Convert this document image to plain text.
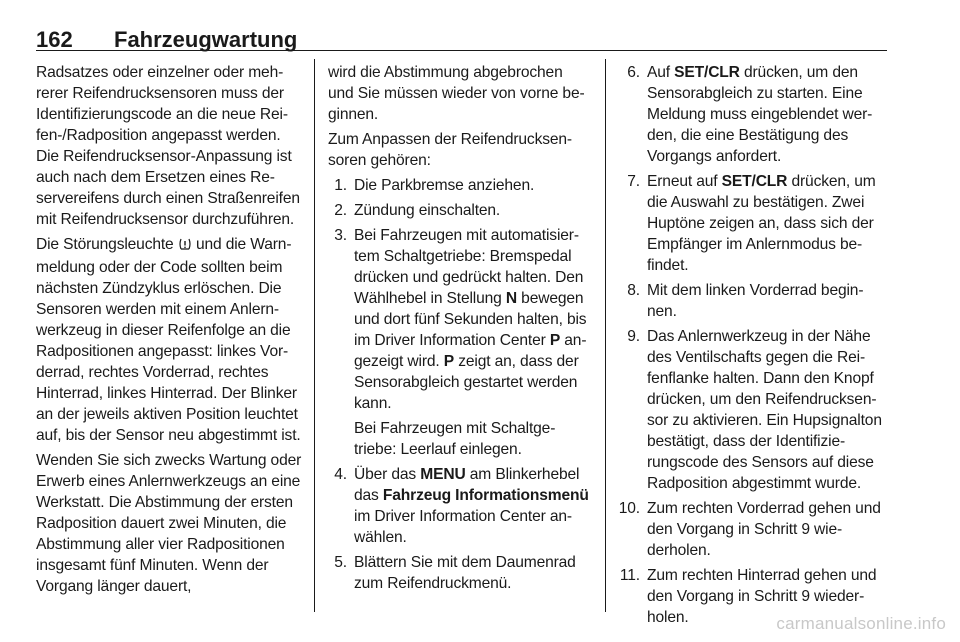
162 Fahrzeugwartung

Radsatzes oder einzelner oder mehrerer Reifendrucksensoren muss der Identifizierungscode an die neue Reifen-/Radposition angepasst werden. Die Reifendrucksensor-Anpassung ist auch nach dem Ersetzen eines Reservereifens durch einen Straßenreifen mit Reifendrucksensor durchzuführen.

Die Störungsleuchte  und die Warnmeldung oder der Code sollten beim nächsten Zündzyklus erlöschen. Die Sensoren werden mit einem Anlernwerkzeug in dieser Reifenfolge an die Radpositionen angepasst: linkes Vorderrad, rechtes Vorderrad, rechtes Hinterrad, linkes Hinterrad. Der Blinker an der jeweils aktiven Position leuchtet auf, bis der Sensor neu abgestimmt ist.

Wenden Sie sich zwecks Wartung oder Erwerb eines Anlernwerkzeugs an eine Werkstatt. Die Abstimmung der ersten Radposition dauert zwei Minuten, die Abstimmung aller vier Radpositionen insgesamt fünf Minuten. Wenn der Vorgang länger dauert,

wird die Abstimmung abgebrochen und Sie müssen wieder von vorne beginnen.

Zum Anpassen der Reifendrucksensoren gehören:

1. Die Parkbremse anziehen.
2. Zündung einschalten.
3. Bei Fahrzeugen mit automatisiertem Schaltgetriebe: Bremspedal drücken und gedrückt halten. Den Wählhebel in Stellung N bewegen und dort fünf Sekunden halten, bis im Driver Information Center P angezeigt wird. P zeigt an, dass der Sensorabgleich gestartet werden kann.

Bei Fahrzeugen mit Schaltgetriebe: Leerlauf einlegen.

4. Über das MENU am Blinkerhebel das Fahrzeug Informationsmenü im Driver Information Center anwählen.
5. Blättern Sie mit dem Daumenrad zum Reifendruckmenü.
6. Auf SET/CLR drücken, um den Sensorabgleich zu starten. Eine Meldung muss eingeblendet werden, die eine Bestätigung des Vorgangs anfordert.
7. Erneut auf SET/CLR drücken, um die Auswahl zu bestätigen. Zwei Huptöne zeigen an, dass sich der Empfänger im Anlernmodus befindet.
8. Mit dem linken Vorderrad beginnen.
9. Das Anlernwerkzeug in der Nähe des Ventilschafts gegen die Reifenflanke halten. Dann den Knopf drücken, um den Reifendrucksensor zu aktivieren. Ein Hupsignalton bestätigt, dass der Identifizierungscode des Sensors auf diese Radposition abgestimmt wurde.
10. Zum rechten Vorderrad gehen und den Vorgang in Schritt 9 wiederholen.
11. Zum rechten Hinterrad gehen und den Vorgang in Schritt 9 wiederholen.	carmanualsonline.info
